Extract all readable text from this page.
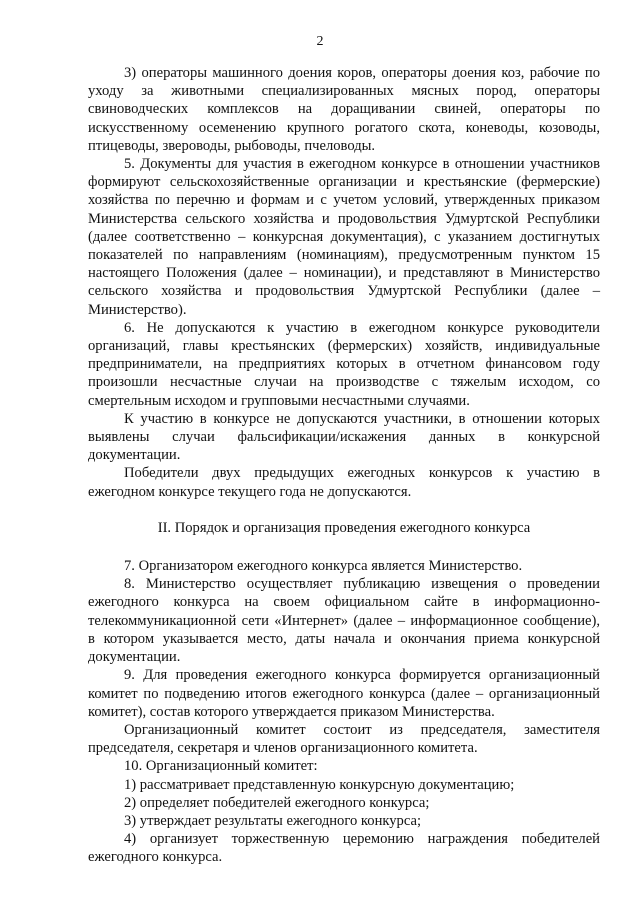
2

3) операторы машинного доения коров, операторы доения коз, рабочие по уходу за животными специализированных мясных пород, операторы свиноводческих комплексов на доращивании свиней, операторы по искусственному осеменению крупного рогатого скота, коневоды, козоводы, птицеводы, звероводы, рыбоводы, пчеловоды.

5. Документы для участия в ежегодном конкурсе в отношении участников формируют сельскохозяйственные организации и крестьянские (фермерские) хозяйства по перечню и формам и с учетом условий, утвержденных приказом Министерства сельского хозяйства и продовольствия Удмуртской Республики (далее соответственно – конкурсная документация), с указанием достигнутых показателей по направлениям (номинациям), предусмотренным пунктом 15 настоящего Положения (далее – номинации), и представляют в Министерство сельского хозяйства и продовольствия Удмуртской Республики (далее – Министерство).

6. Не допускаются к участию в ежегодном конкурсе руководители организаций, главы крестьянских (фермерских) хозяйств, индивидуальные предприниматели, на предприятиях которых в отчетном финансовом году произошли несчастные случаи на производстве с тяжелым исходом, со смертельным исходом и групповыми несчастными случаями.

К участию в конкурсе не допускаются участники, в отношении которых выявлены случаи фальсификации/искажения данных в конкурсной документации.

Победители двух предыдущих ежегодных конкурсов к участию в ежегодном конкурсе текущего года не допускаются.

II. Порядок и организация проведения ежегодного конкурса

7. Организатором ежегодного конкурса является Министерство.

8. Министерство осуществляет публикацию извещения о проведении ежегодного конкурса на своем официальном сайте в информационно-телекоммуникационной сети «Интернет» (далее – информационное сообщение), в котором указывается место, даты начала и окончания приема конкурсной документации.

9. Для проведения ежегодного конкурса формируется организационный комитет по подведению итогов ежегодного конкурса (далее – организационный комитет), состав которого утверждается приказом Министерства.

Организационный комитет состоит из председателя, заместителя председателя, секретаря и членов организационного комитета.

10. Организационный комитет:

1) рассматривает представленную конкурсную документацию;

2) определяет победителей ежегодного конкурса;

3) утверждает результаты ежегодного конкурса;

4) организует торжественную церемонию награждения победителей ежегодного конкурса.
